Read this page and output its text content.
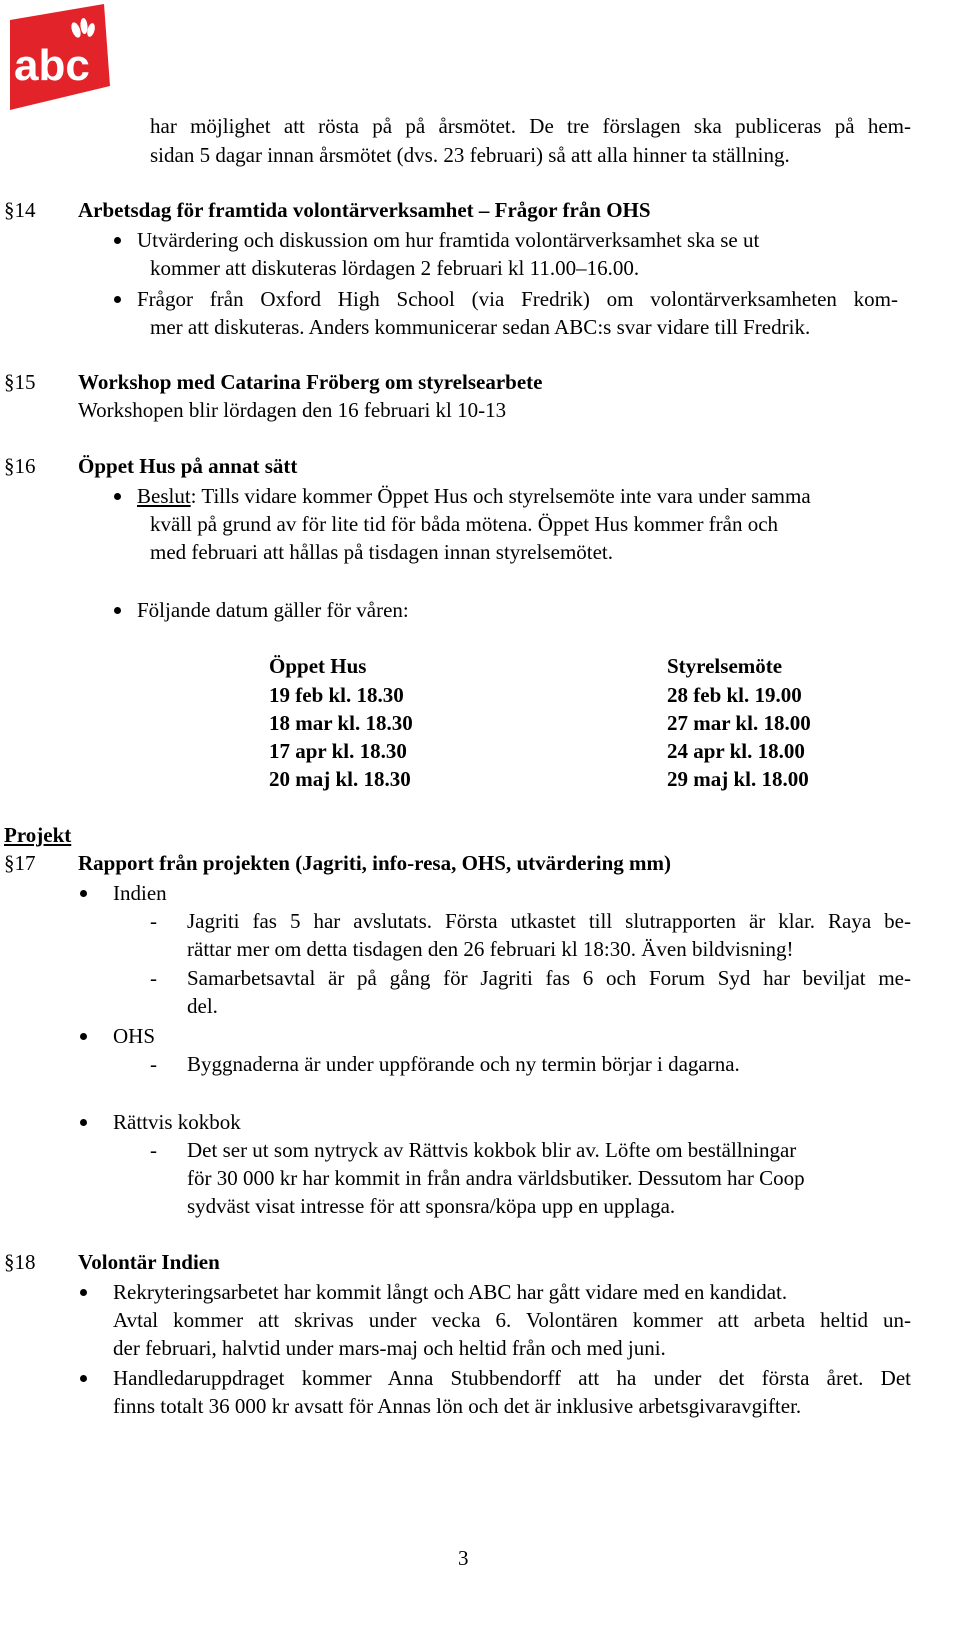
abc
har möjlighet att rösta på på årsmötet. De tre förslagen ska publiceras på hem-
sidan 5 dagar innan årsmötet (dvs. 23 februari) så att alla hinner ta ställning.
§14 Arbetsdag för framtida volontärverksamhet – Frågor från OHS
Utvärdering och diskussion om hur framtida volontärverksamhet ska se ut
kommer att diskuteras lördagen 2 februari kl 11.00–16.00.
Frågor från Oxford High School (via Fredrik) om volontärverksamheten kom-
mer att diskuteras. Anders kommunicerar sedan ABC:s svar vidare till Fredrik.
§15 Workshop med Catarina Fröberg om styrelsearbete
Workshopen blir lördagen den 16 februari kl 10-13
§16 Öppet Hus på annat sätt
Beslut: Tills vidare kommer Öppet Hus och styrelsemöte inte vara under samma
kväll på grund av för lite tid för båda mötena. Öppet Hus kommer från och
med februari att hållas på tisdagen innan styrelsemötet.
Följande datum gäller för våren:
Öppet Hus	Styrelsemöte
19 feb kl. 18.30	28 feb kl. 19.00
18 mar kl. 18.30	27 mar kl. 18.00
17 apr kl. 18.30	24 apr kl. 18.00
20 maj kl. 18.30	29 maj kl. 18.00
Projekt
§17 Rapport från projekten (Jagriti, info-resa, OHS, utvärdering mm)
Indien
- Jagriti fas 5 har avslutats. Första utkastet till slutrapporten är klar. Raya be-
rättar mer om detta tisdagen den 26 februari kl 18:30. Även bildvisning!
- Samarbetsavtal är på gång för Jagriti fas 6 och Forum Syd har beviljat me-
del.
OHS
- Byggnaderna är under uppförande och ny termin börjar i dagarna.
Rättvis kokbok
- Det ser ut som nytryck av Rättvis kokbok blir av. Löfte om beställningar
för 30 000 kr har kommit in från andra världsbutiker. Dessutom har Coop
sydväst visat intresse för att sponsra/köpa upp en upplaga.
§18 Volontär Indien
Rekryteringsarbetet har kommit långt och ABC har gått vidare med en kandidat.
Avtal kommer att skrivas under vecka 6. Volontären kommer att arbeta heltid un-
der februari, halvtid under mars-maj och heltid från och med juni.
Handledaruppdraget kommer Anna Stubbendorff att ha under det första året. Det
finns totalt 36 000 kr avsatt för Annas lön och det är inklusive arbetsgivaravgifter.
3
